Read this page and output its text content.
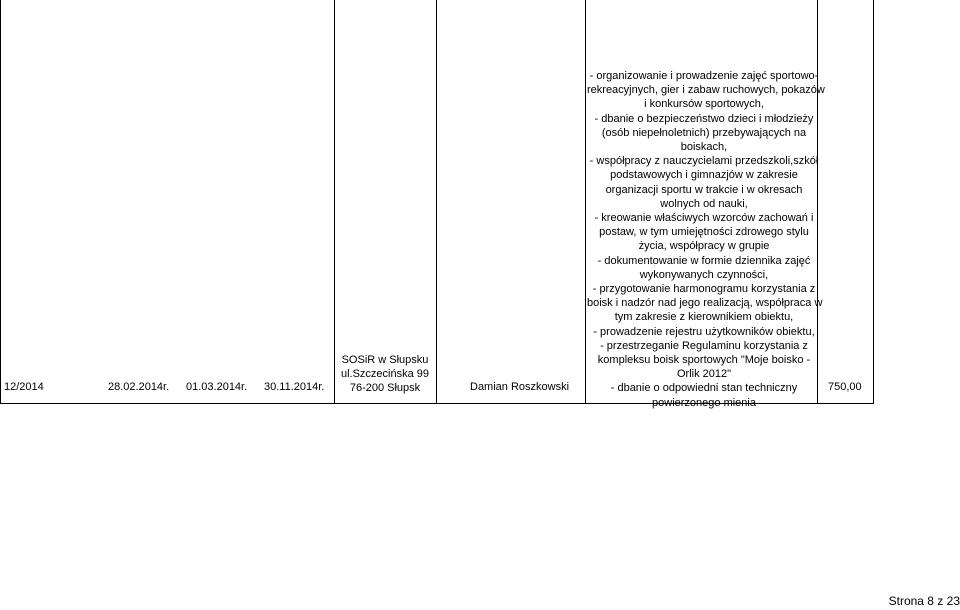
12/2014	28.02.2014r. 01.03.2014r. 30.11.2014r.
SOSiR w Słupsku
ul.Szczecińska 99
76-200 Słupsk	Damian Roszkowski
- organizowanie i prowadzenie zajęć sportowo-
rekreacyjnych, gier i zabaw ruchowych, pokazów
i konkursów sportowych,
- dbanie o bezpieczeństwo dzieci i młodzieży
(osób niepełnoletnich) przebywających na
boiskach,
- współpracy z nauczycielami przedszkoli,szkół
podstawowych i gimnazjów w zakresie
organizacji sportu w trakcie i w okresach
wolnych od nauki,
- kreowanie właściwych wzorców zachowań i
postaw, w tym umiejętności zdrowego stylu
życia, współpracy w grupie
- dokumentowanie w formie dziennika zajęć
wykonywanych czynności,
- przygotowanie harmonogramu korzystania z
boisk i nadzór nad jego realizacją, współpraca w
tym zakresie z kierownikiem obiektu,
- prowadzenie rejestru użytkowników obiektu,
- przestrzeganie Regulaminu korzystania z
kompleksu boisk sportowych "Moje boisko -
Orlik 2012"
- dbanie o odpowiedni stan techniczny
powierzonego mienia
750,00
Strona 8 z 23
